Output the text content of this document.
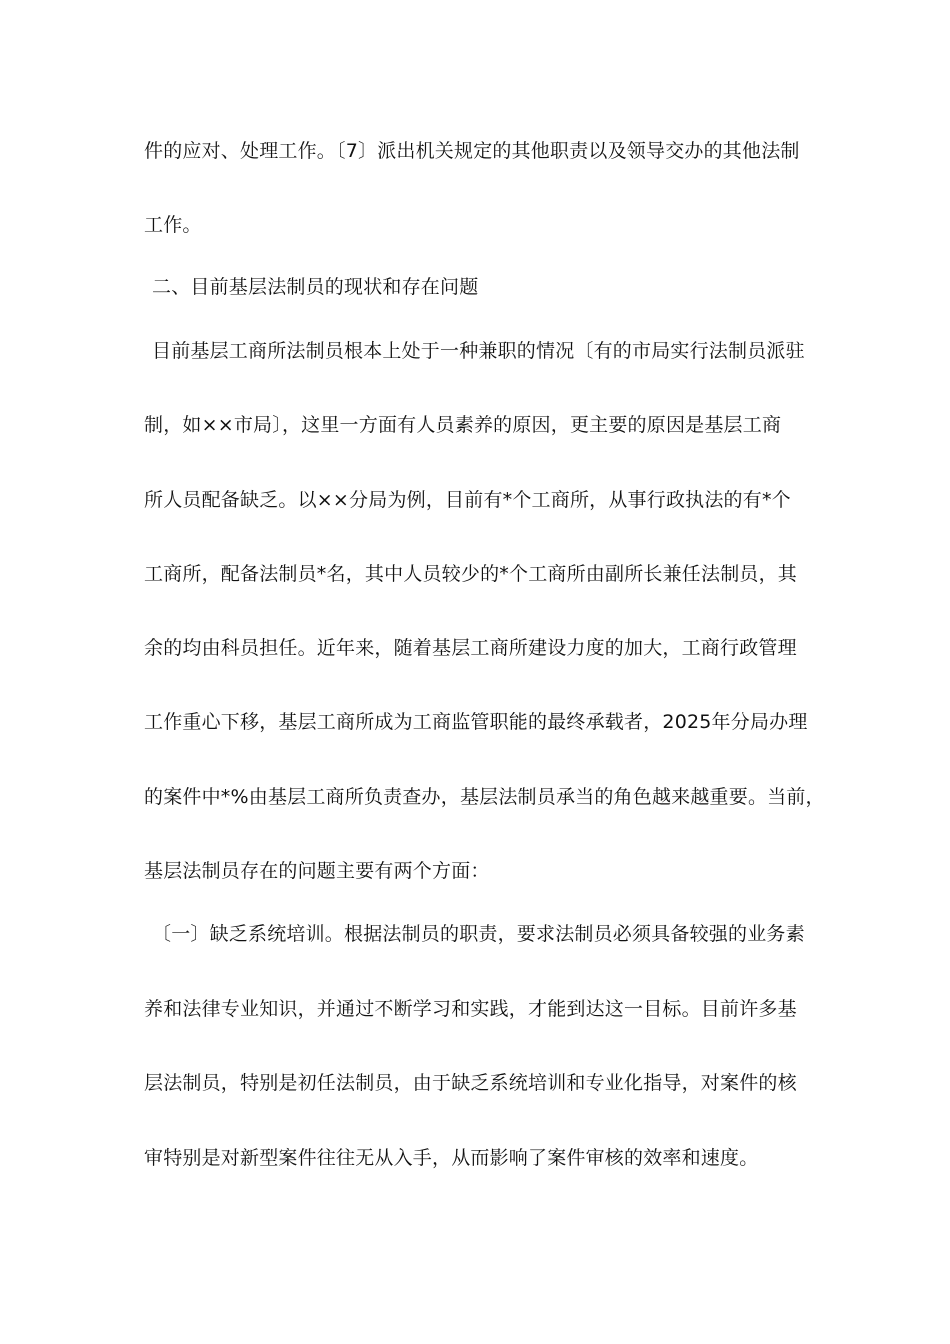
件的应对、处理工作。〔7〕派出机关规定的其他职责以及领导交办的其他法制
工作。
二、目前基层法制员的现状和存在问题
目前基层工商所法制员根本上处于一种兼职的情况〔有的市局实行法制员派驻
制，如××市局〕，这里一方面有人员素养的原因，更主要的原因是基层工商
所人员配备缺乏。以××分局为例，目前有*个工商所，从事行政执法的有*个
工商所，配备法制员*名，其中人员较少的*个工商所由副所长兼任法制员，其
余的均由科员担任。近年来，随着基层工商所建设力度的加大，工商行政管理
工作重心下移，基层工商所成为工商监管职能的最终承载者，2025年分局办理
的案件中*%由基层工商所负责查办，基层法制员承当的角色越来越重要。当前，
基层法制员存在的问题主要有两个方面：
〔一〕缺乏系统培训。根据法制员的职责，要求法制员必须具备较强的业务素
养和法律专业知识，并通过不断学习和实践，才能到达这一目标。目前许多基
层法制员，特别是初任法制员，由于缺乏系统培训和专业化指导，对案件的核
审特别是对新型案件往往无从入手，从而影响了案件审核的效率和速度。
